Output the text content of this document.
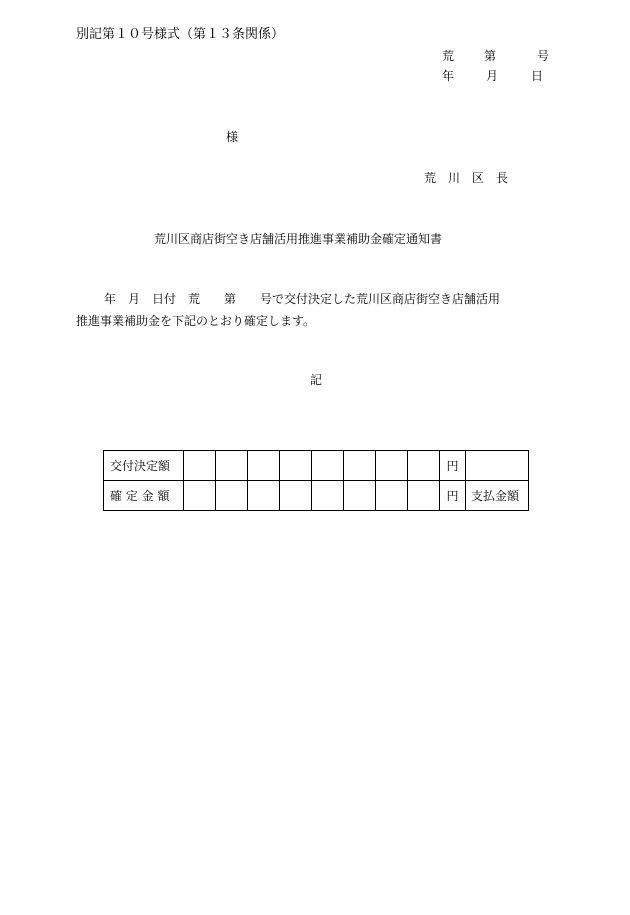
別記第１０号様式（第１３条関係）
荒 第	号
年	月	日
様
荒　川　区　長
荒川区商店街空き店舗活用推進事業補助金確定通知書
年　月　日付　荒　　第　　号で交付決定した荒川区商店街空き店舗活用
推進事業補助金を下記のとおり確定します。
記
交付決定額									円	
確 定 金 額									円	支払金額
